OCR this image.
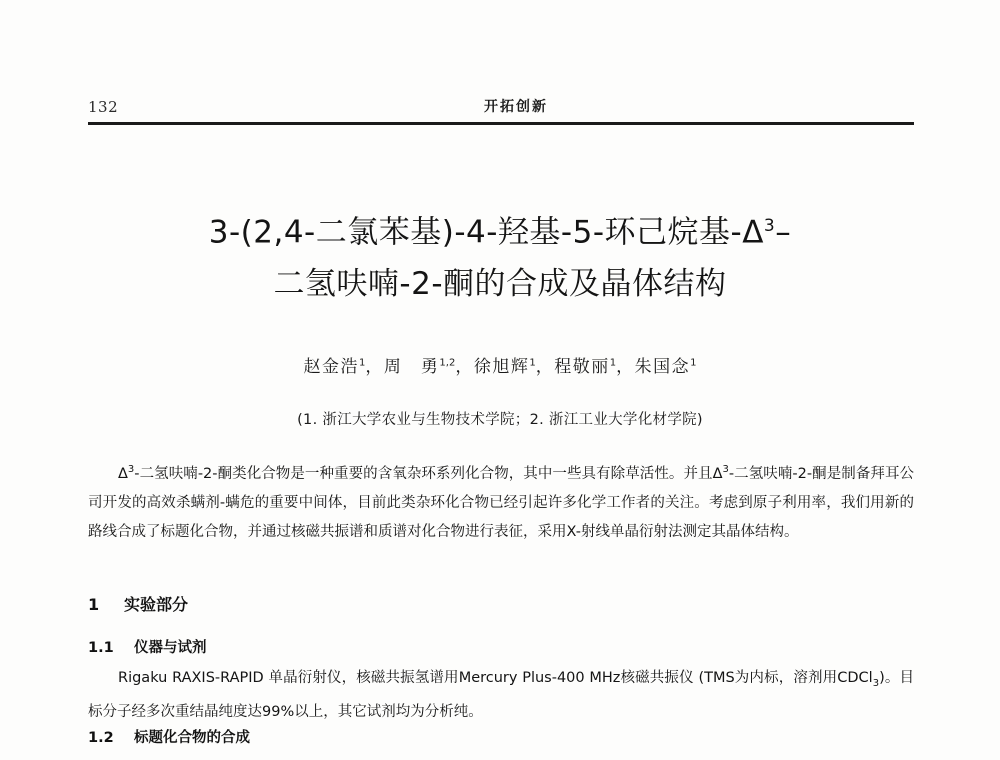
132	开拓创新
3-(2,4-二氯苯基)-4-羟基-5-环己烷基$-\Delta^3-$
二氢呋喃-2-酮的合成及晶体结构
赵金浩$^1$，周　勇$^{1,2}$，徐旭辉$^1$，程敬丽$^1$，朱国念$^1$
(1. 浙江大学农业与生物技术学院；2. 浙江工业大学化材学院)
$\Delta^3-$二氢呋喃-2-酮类化合物是一种重要的含氧杂环系列化合物，其中一些具有除草活性。并且$\Delta^3-$二氢呋喃-2-酮是制备拜耳公司开发的高效杀螨剂-螨危的重要中间体，目前此类杂环化合物已经引起许多化学工作者的关注。考虑到原子利用率，我们用新的路线合成了标题化合物，并通过核磁共振谱和质谱对化合物进行表征，采用X-射线单晶衍射法测定其晶体结构。
1 实验部分
1.1 仪器与试剂
Rigaku RAXIS-RAPID 单晶衍射仪，核磁共振氢谱用Mercury Plus-400 MHz核磁共振仪 (TMS为内标，溶剂用CDCl$_3$)。目标分子经多次重结晶纯度达99%以上，其它试剂均为分析纯。
1.2 标题化合物的合成
